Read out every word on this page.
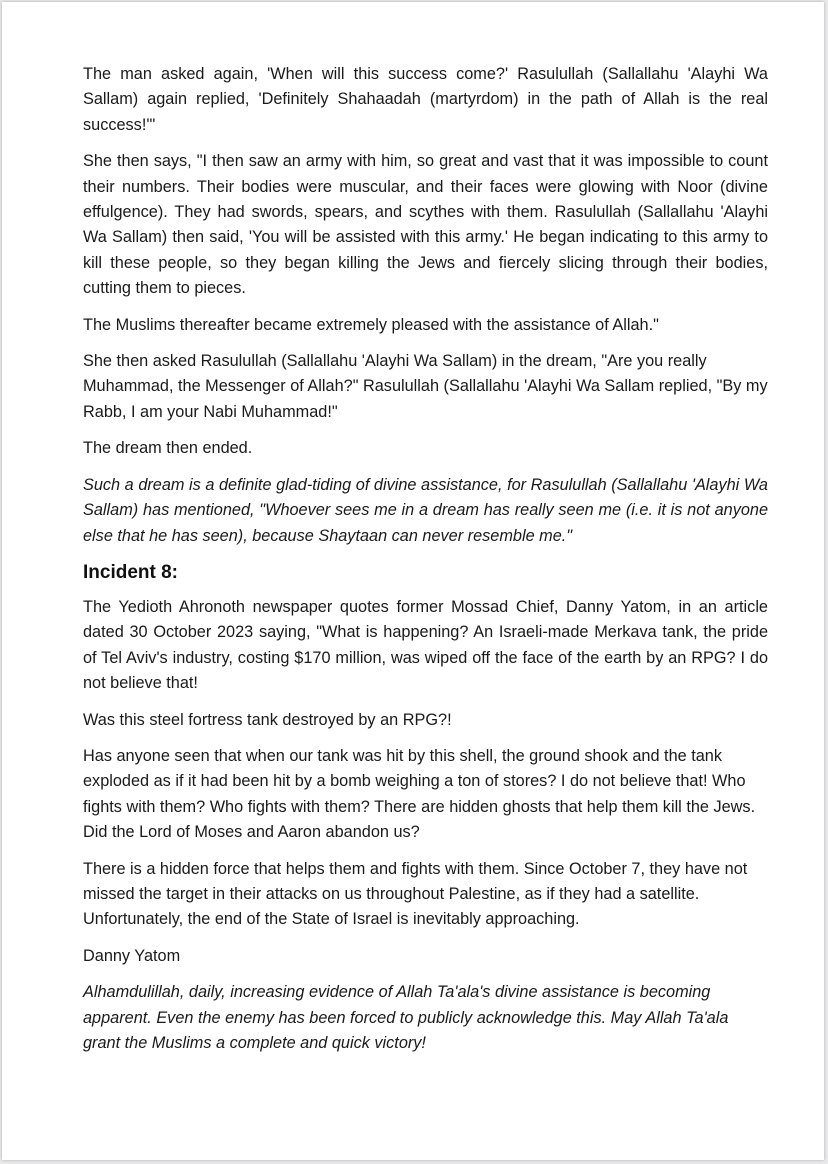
The man asked again, 'When will this success come?' Rasulullah (Sallallahu 'Alayhi Wa Sallam) again replied, 'Definitely Shahaadah (martyrdom) in the path of Allah is the real success!'"

She then says, "I then saw an army with him, so great and vast that it was impossible to count their numbers. Their bodies were muscular, and their faces were glowing with Noor (divine effulgence). They had swords, spears, and scythes with them. Rasulullah (Sallallahu 'Alayhi Wa Sallam) then said, 'You will be assisted with this army.' He began indicating to this army to kill these people, so they began killing the Jews and fiercely slicing through their bodies, cutting them to pieces.

The Muslims thereafter became extremely pleased with the assistance of Allah."

She then asked Rasulullah (Sallallahu 'Alayhi Wa Sallam) in the dream, "Are you really Muhammad, the Messenger of Allah?" Rasulullah (Sallallahu 'Alayhi Wa Sallam replied, "By my Rabb, I am your Nabi Muhammad!"

The dream then ended.

Such a dream is a definite glad-tiding of divine assistance, for Rasulullah (Sallallahu 'Alayhi Wa Sallam) has mentioned, "Whoever sees me in a dream has really seen me (i.e. it is not anyone else that he has seen), because Shaytaan can never resemble me."

Incident 8:

The Yedioth Ahronoth newspaper quotes former Mossad Chief, Danny Yatom, in an article dated 30 October 2023 saying, "What is happening? An Israeli-made Merkava tank, the pride of Tel Aviv's industry, costing $170 million, was wiped off the face of the earth by an RPG? I do not believe that!

Was this steel fortress tank destroyed by an RPG?!

Has anyone seen that when our tank was hit by this shell, the ground shook and the tank exploded as if it had been hit by a bomb weighing a ton of stores? I do not believe that! Who fights with them? Who fights with them? There are hidden ghosts that help them kill the Jews. Did the Lord of Moses and Aaron abandon us?

There is a hidden force that helps them and fights with them. Since October 7, they have not missed the target in their attacks on us throughout Palestine, as if they had a satellite. Unfortunately, the end of the State of Israel is inevitably approaching.

Danny Yatom

Alhamdulillah, daily, increasing evidence of Allah Ta'ala's divine assistance is becoming apparent. Even the enemy has been forced to publicly acknowledge this. May Allah Ta'ala grant the Muslims a complete and quick victory!
